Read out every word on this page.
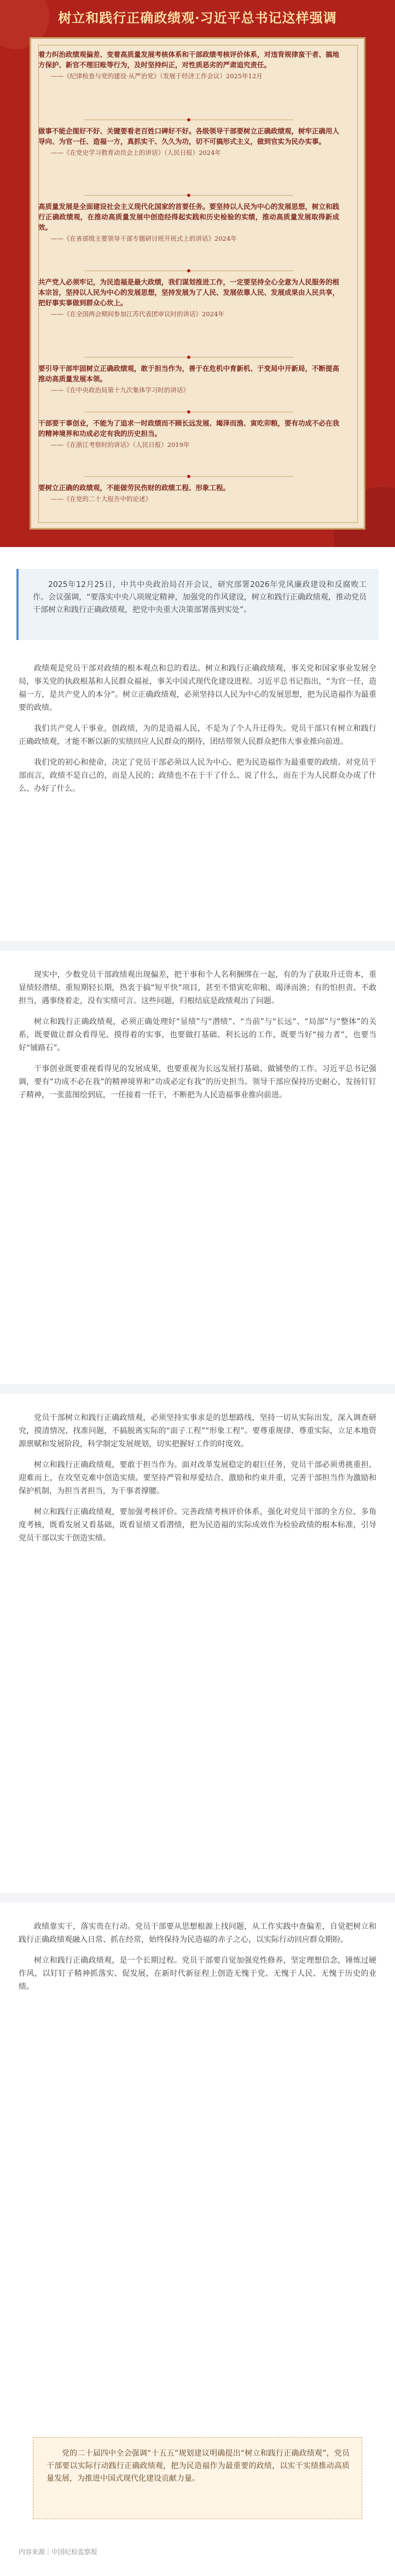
树立和践行正确政绩观·习近平总书记这样强调
着力纠治政绩观偏差、变着高质量发展考核体系和干部政绩考核评价体系，对违背规律蛮干者、搞地方保护、新官不理旧账等行为，及时坚持纠正，对性质恶劣的严肃追究责任。
——《纪律检查与党的建设·从严治党》（发展于经济工作会议）2025年12月
做事不能企图好不好、关键要看老百姓口碑好不好。各级领导干部要树立正确政绩观，树牢正确用人导向、为官一任、造福一方，真抓实干、久久为功，切不可搞形式主义，做到官实为民办实事。
——《在党史学习教育动员会上的讲话》（人民日报）2024年
高质量发展是全面建设社会主义现代化国家的首要任务。要坚持以人民为中心的发展思想，树立和践行正确政绩观，在推动高质量发展中创造经得起实践和历史检验的实绩，推动高质量发展取得新成效。
——《在省部级主要领导干部专题研讨班开班式上的讲话》2024年
共产党人必须牢记，为民造福是最大政绩，我们谋划推进工作，一定要坚持全心全意为人民服务的根本宗旨，坚持以人民为中心的发展思想，坚持发展为了人民、发展依靠人民、发展成果由人民共享，把好事实事做到群众心坎上。
——《在全国两会期间参加江苏代表团审议时的讲话》2024年
要引导干部牢固树立正确政绩观，敢于担当作为，善于在危机中育新机、于变局中开新局，不断提高推动高质量发展本领。
——《在中央政治局第十九次集体学习时的讲话》
干部要干事创业，不能为了追求一时政绩而不顾长远发展、竭泽而渔、寅吃卯粮，要有功成不必在我的精神境界和功成必定有我的历史担当。
——《在浙江考察时的讲话》（人民日报）2019年
要树立正确的政绩观，不能做劳民伤财的政绩工程、形象工程。
——《在党的二十大报告中的论述》

2025年12月25日，中共中央政治局召开会议，研究部署2026年党风廉政建设和反腐败工作。会议强调，“要落实中央八项规定精神，加强党的作风建设，树立和践行正确政绩观，推动党员干部树立和践行正确政绩观，把党中央重大决策部署落到实处”。

政绩观是党员干部对政绩的根本观点和总的看法。树立和践行正确政绩观，事关党和国家事业发展全局，事关党的执政根基和人民群众福祉，事关中国式现代化建设进程。习近平总书记指出，“为官一任，造福一方，是共产党人的本分”。树立正确政绩观，必须坚持以人民为中心的发展思想，把为民造福作为最重要的政绩。

我们共产党人干事业，创政绩，为的是造福人民，不是为了个人升迁得失。党员干部只有树立和践行正确政绩观，才能不断以新的实绩回应人民群众的期待，团结带领人民群众把伟大事业推向前进。

我们党的初心和使命，决定了党员干部必须以人民为中心、把为民造福作为最重要的政绩。对党员干部而言，政绩不是自己的，而是人民的；政绩也不在于干了什么、说了什么，而在于为人民群众办成了什么、办好了什么。

现实中，少数党员干部政绩观出现偏差，把干事和个人名利捆绑在一起，有的为了获取升迁资本，重显绩轻潜绩、重短期轻长期，热衷于搞“短平快”项目，甚至不惜寅吃卯粮、竭泽而渔；有的怕担责、不敢担当，遇事绕着走，没有实绩可言。这些问题，归根结底是政绩观出了问题。

树立和践行正确政绩观，必须正确处理好“显绩”与“潜绩”、“当前”与“长远”、“局部”与“整体”的关系，既要做让群众看得见、摸得着的实事，也要做打基础、利长远的工作，既要当好“接力者”，也要当好“铺路石”。

干事创业既要重视看得见的发展成果，也要重视为长远发展打基础、做铺垫的工作。习近平总书记强调，要有“功成不必在我”的精神境界和“功成必定有我”的历史担当。领导干部应保持历史耐心，发扬钉钉子精神，一张蓝图绘到底，一任接着一任干，不断把为人民造福事业推向前进。

党员干部树立和践行正确政绩观，必须坚持实事求是的思想路线，坚持一切从实际出发，深入调查研究，摸清情况、找准问题，不搞脱离实际的“面子工程”“形象工程”。要尊重规律、尊重实际，立足本地资源禀赋和发展阶段，科学制定发展规划，切实把握好工作的时度效。

树立和践行正确政绩观，要敢于担当作为。面对改革发展稳定的艰巨任务，党员干部必须勇挑重担、迎难而上，在攻坚克难中创造实绩。要坚持严管和厚爱结合、激励和约束并重，完善干部担当作为激励和保护机制，为担当者担当，为干事者撑腰。

树立和践行正确政绩观，要加强考核评价。完善政绩考核评价体系，强化对党员干部的全方位、多角度考核，既看发展又看基础，既看显绩又看潜绩，把为民造福的实际成效作为检验政绩的根本标准，引导党员干部以实干创造实绩。

政绩靠实干，落实贵在行动。党员干部要从思想根源上找问题，从工作实践中查偏差，自觉把树立和践行正确政绩观融入日常、抓在经常，始终保持为民造福的赤子之心，以实际行动回应群众期盼。

树立和践行正确政绩观，是一个长期过程。党员干部要自觉加强党性修养，坚定理想信念，锤炼过硬作风，以钉钉子精神抓落实、促发展，在新时代新征程上创造无愧于党、无愧于人民、无愧于历史的业绩。

党的二十届四中全会强调“十五五”规划建议明确提出“树立和践行正确政绩观”，党员干部要以实际行动践行正确政绩观，把为民造福作为最重要的政绩，以实干实绩推动高质量发展，为推进中国式现代化建设贡献力量。

内容来源｜中国纪检监察报
